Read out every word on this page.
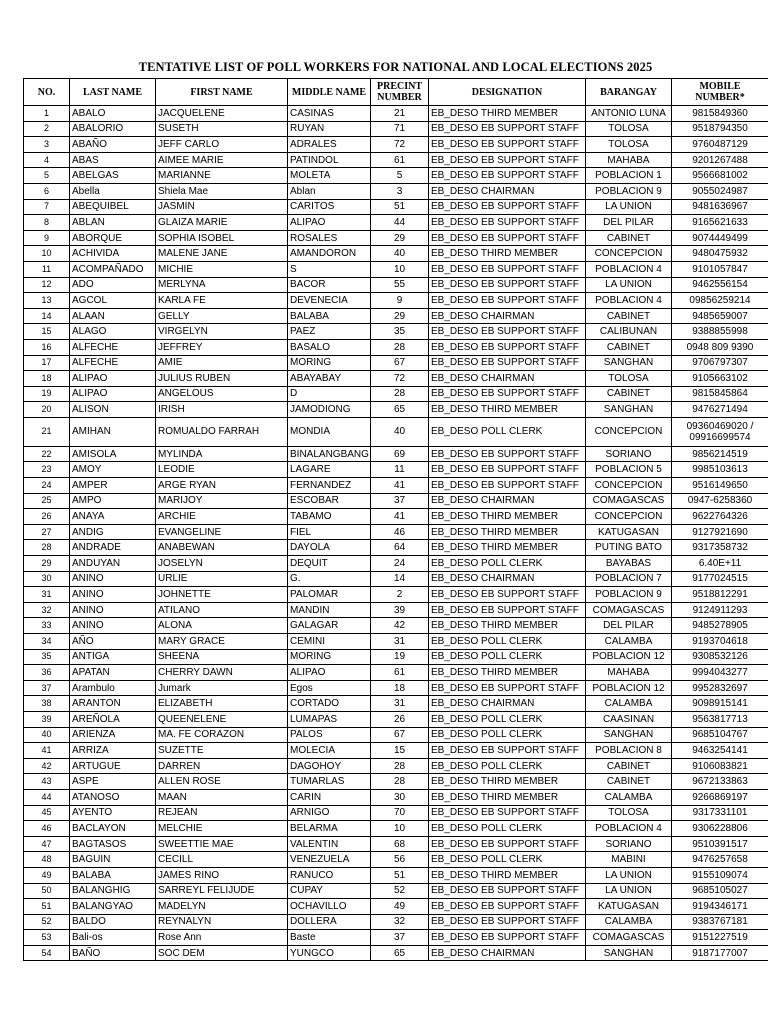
TENTATIVE LIST OF POLL WORKERS FOR NATIONAL AND LOCAL ELECTIONS 2025
NO.	LAST NAME	FIRST NAME	MIDDLE NAME	PRECINT NUMBER	DESIGNATION	BARANGAY	MOBILE NUMBER*
1	ABALO	JACQUELENE	CASINAS	21	EB_DESO THIRD MEMBER	ANTONIO LUNA	9815849360
2	ABALORIO	SUSETH	RUYAN	71	EB_DESO EB SUPPORT STAFF	TOLOSA	9518794350
3	ABAÑO	JEFF CARLO	ADRALES	72	EB_DESO EB SUPPORT STAFF	TOLOSA	9760487129
4	ABAS	AIMEE MARIE	PATINDOL	61	EB_DESO EB SUPPORT STAFF	MAHABA	9201267488
5	ABELGAS	MARIANNE	MOLETA	5	EB_DESO EB SUPPORT STAFF	POBLACION 1	9566681002
6	Abella	Shiela Mae	Ablan	3	EB_DESO CHAIRMAN	POBLACION 9	9055024987
7	ABEQUIBEL	JASMIN	CARITOS	51	EB_DESO EB SUPPORT STAFF	LA UNION	9481636967
8	ABLAN	GLAIZA MARIE	ALIPAO	44	EB_DESO EB SUPPORT STAFF	DEL PILAR	9165621633
9	ABORQUE	SOPHIA ISOBEL	ROSALES	29	EB_DESO EB SUPPORT STAFF	CABINET	9074449499
10	ACHIVIDA	MALENE JANE	AMANDORON	40	EB_DESO THIRD MEMBER	CONCEPCION	9480475932
11	ACOMPAÑADO	MICHIE	S	10	EB_DESO EB SUPPORT STAFF	POBLACION 4	9101057847
12	ADO	MERLYNA	BACOR	55	EB_DESO EB SUPPORT STAFF	LA UNION	9462556154
13	AGCOL	KARLA FE	DEVENECIA	9	EB_DESO EB SUPPORT STAFF	POBLACION 4	09856259214
14	ALAAN	GELLY	BALABA	29	EB_DESO CHAIRMAN	CABINET	9485659007
15	ALAGO	VIRGELYN	PAEZ	35	EB_DESO EB SUPPORT STAFF	CALIBUNAN	9388855998
16	ALFECHE	JEFFREY	BASALO	28	EB_DESO EB SUPPORT STAFF	CABINET	0948 809 9390
17	ALFECHE	AMIE	MORING	67	EB_DESO EB SUPPORT STAFF	SANGHAN	9706797307
18	ALIPAO	JULIUS RUBEN	ABAYABAY	72	EB_DESO CHAIRMAN	TOLOSA	9105663102
19	ALIPAO	ANGELOUS	D	28	EB_DESO EB SUPPORT STAFF	CABINET	9815845864
20	ALISON	IRISH	JAMODIONG	65	EB_DESO THIRD MEMBER	SANGHAN	9476271494
21	AMIHAN	ROMUALDO FARRAH	MONDIA	40	EB_DESO POLL CLERK	CONCEPCION	09360469020 / 09916699574
22	AMISOLA	MYLINDA	BINALANGBANG	69	EB_DESO EB SUPPORT STAFF	SORIANO	9856214519
23	AMOY	LEODIE	LAGARE	11	EB_DESO EB SUPPORT STAFF	POBLACION 5	9985103613
24	AMPER	ARGE RYAN	FERNANDEZ	41	EB_DESO EB SUPPORT STAFF	CONCEPCION	9516149650
25	AMPO	MARIJOY	ESCOBAR	37	EB_DESO CHAIRMAN	COMAGASCAS	0947-6258360
26	ANAYA	ARCHIE	TABAMO	41	EB_DESO THIRD MEMBER	CONCEPCION	9622764326
27	ANDIG	EVANGELINE	FIEL	46	EB_DESO THIRD MEMBER	KATUGASAN	9127921690
28	ANDRADE	ANABEWAN	DAYOLA	64	EB_DESO THIRD MEMBER	PUTING BATO	9317358732
29	ANDUYAN	JOSELYN	DEQUIT	24	EB_DESO POLL CLERK	BAYABAS	6.40E+11
30	ANINO	URLIE	G.	14	EB_DESO CHAIRMAN	POBLACION 7	9177024515
31	ANINO	JOHNETTE	PALOMAR	2	EB_DESO EB SUPPORT STAFF	POBLACION 9	9518812291
32	ANINO	ATILANO	MANDIN	39	EB_DESO EB SUPPORT STAFF	COMAGASCAS	9124911293
33	ANINO	ALONA	GALAGAR	42	EB_DESO THIRD MEMBER	DEL PILAR	9485278905
34	AÑO	MARY GRACE	CEMINI	31	EB_DESO POLL CLERK	CALAMBA	9193704618
35	ANTIGA	SHEENA	MORING	19	EB_DESO POLL CLERK	POBLACION 12	9308532126
36	APATAN	CHERRY DAWN	ALIPAO	61	EB_DESO THIRD MEMBER	MAHABA	9994043277
37	Arambulo	Jumark	Egos	18	EB_DESO EB SUPPORT STAFF	POBLACION 12	9952832697
38	ARANTON	ELIZABETH	CORTADO	31	EB_DESO CHAIRMAN	CALAMBA	9098915141
39	AREÑOLA	QUEENELENE	LUMAPAS	26	EB_DESO POLL CLERK	CAASINAN	9563817713
40	ARIENZA	MA. FE CORAZON	PALOS	67	EB_DESO POLL CLERK	SANGHAN	9685104767
41	ARRIZA	SUZETTE	MOLECIA	15	EB_DESO EB SUPPORT STAFF	POBLACION 8	9463254141
42	ARTUGUE	DARREN	DAGOHOY	28	EB_DESO POLL CLERK	CABINET	9106083821
43	ASPE	ALLEN ROSE	TUMARLAS	28	EB_DESO THIRD MEMBER	CABINET	9672133863
44	ATANOSO	MAAN	CARIN	30	EB_DESO THIRD MEMBER	CALAMBA	9266869197
45	AYENTO	REJEAN	ARNIGO	70	EB_DESO EB SUPPORT STAFF	TOLOSA	9317331101
46	BACLAYON	MELCHIE	BELARMA	10	EB_DESO POLL CLERK	POBLACION 4	9306228806
47	BAGTASOS	SWEETTIE MAE	VALENTIN	68	EB_DESO EB SUPPORT STAFF	SORIANO	9510391517
48	BAGUIN	CECILL	VENEZUELA	56	EB_DESO POLL CLERK	MABINI	9476257658
49	BALABA	JAMES RINO	RANUCO	51	EB_DESO THIRD MEMBER	LA UNION	9155109074
50	BALANGHIG	SARREYL FELIJUDE	CUPAY	52	EB_DESO EB SUPPORT STAFF	LA UNION	9685105027
51	BALANGYAO	MADELYN	OCHAVILLO	49	EB_DESO EB SUPPORT STAFF	KATUGASAN	9194346171
52	BALDO	REYNALYN	DOLLERA	32	EB_DESO EB SUPPORT STAFF	CALAMBA	9383767181
53	Bali-os	Rose Ann	Baste	37	EB_DESO EB SUPPORT STAFF	COMAGASCAS	9151227519
54	BAÑO	SOC DEM	YUNGCO	65	EB_DESO CHAIRMAN	SANGHAN	9187177007
